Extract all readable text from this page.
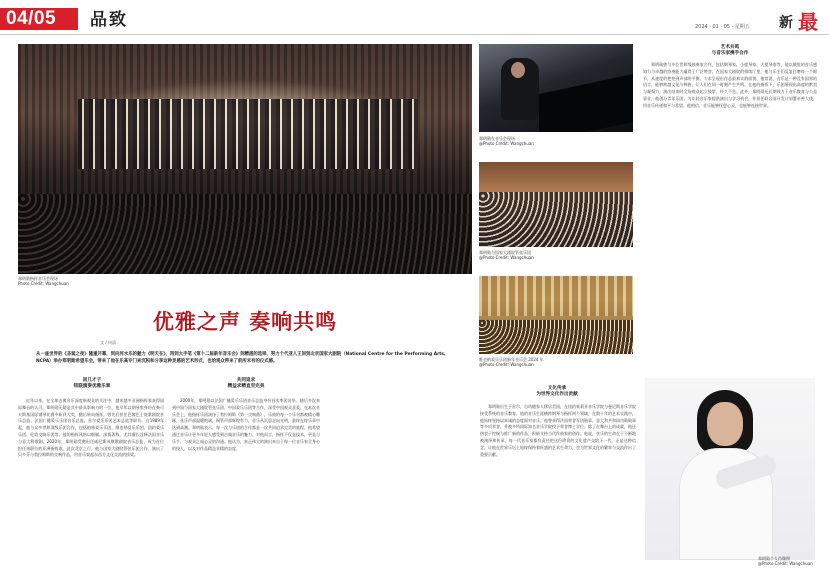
04/05 品致	2024 · 01 · 05 · 星期五 新 最
郑明勋指挥音乐会现场
Photo Credit: Wangchuan
郑明勋在音乐会现场
@Photo Credit: Wangchuan
郑明勋与国家大剧院管弦乐团
@Photo Credit: Wangchuan
维也纳爱乐乐团新年音乐会 2024 年
@Photo Credit: Wangchuan
郑明勋个人肖像照
@Photo Credit: Wangchuan
优雅之声 奏响共鸣
文 / 何清
从一座世界的《圣诞之夜》隆重开幕，到向河水乐的魅力《明天在》，再到大手笔《第十二届新年音乐会》到精湛的选择，努力个代亚人王回到北京国家大剧院（National Centre for the Performing Arts, NCPA）举办郑明勋希望乐会，带来了他在乐高专门来沉积和分享这种灵感的艺术形式，也给观众带来了前所未有的仪式感。
回几才子
钮联演奏优雅乐章
近年以来，在全球古典音乐深度新观众的关注中，越来越多亚洲指挥家获得国际舞台的认可。郑明勋无疑是其中最具影响力的一位，他早年以钢琴家身份在柴可夫斯基国际钢琴比赛中斩获大奖，随后转向指挥，曾先后担任巴黎巴士底歌剧院音乐总监、法国广播爱乐乐团音乐总监、首尔爱乐乐团艺术总监等职位。自1989年起，他与众多世界顶级乐团合作，包括柏林爱乐乐团、维也纳爱乐乐团、纽约爱乐乐团、伦敦交响乐团等。他的指挥风格以细腻、深情著称，尤其擅长诠释法国音乐与意大利歌剧。2020年，郑明勋受邀出任威尼斯凤凰歌剧院音乐总监，成为首位担任该职位的亚洲指挥家。此次北京之行，他与国家大剧院管弦乐团合作，演出了贝多芬与勃拉姆斯的交响作品，用音乐架起东西方文化交流的桥梁。
共同追求
精益求精直至完美
2000年，郑明勋以法国广播爱乐乐团音乐总监身份首次率团访华，随后多次来到中国与国家大剧院管弦乐团、中国爱乐乐团等合作，深受中国观众喜爱。在本次音乐会上，他指挥乐团演绎了勃拉姆斯《第一交响曲》，乐曲的每一个乐句都被精心雕琢，弦乐声部温暖饱满，铜管声部辉煌有力，音乐从沉思走向光明，最终在终乐章中达到高潮。郑明勋表示，每一次与乐团的合作都是一次共同追求完美的旅程，他希望通过音乐让更多年轻人感受到古典音乐的魅力。对他而言，指挥不仅是技术，更是与乐手、与观众之间心灵的沟通。他认为，真正伟大的演出来自于每一位音乐家全身心的投入，以及对作品精益求精的态度。
艺术共鸣
与音乐家携手合作
郑明勋曾与多位世界级独奏家合作，包括钢琴家、小提琴家、大提琴家等，他以敏锐的音乐感知力与卓越的协奏能力赢得了广泛赞誉。在国家大剧院的排练厅里，他与乐手们反复打磨每一个细节，从速度的把控到声部的平衡，力求呈现出作品最真实的面貌。他常说，音乐是一种没有国界的语言，能够跨越文化与种族，让人们在同一时刻产生共鸣。在他的指挥下，乐团展现出高度的默契与凝聚力，演出结束时全场观众起立鼓掌，经久不息。此外，郑明勋还长期致力于音乐教育与公益事业，他创办青年乐团，为年轻音乐家提供演出与学习机会，并担任联合国开发计划署亲善大使，用音乐传递和平与希望。他相信，音乐能够抚慰心灵，也能够连接世界。
文化传承
为世界文化作出贡献
郑明勋出生于首尔，自幼随家人移居美国，在纽约茱莉亚音乐学院与曼尼斯音乐学院接受系统的音乐教育。他的音乐生涯横跨钢琴与指挥两个领域，在数十年的艺术实践中，他始终坚持以真诚的态度面对音乐。他曾获得法国荣誉军团勋章、意大利共和国功勋勋章等多项荣誉，并被多所国际知名音乐学院授予荣誉博士学位。除了在舞台上的成就，他还热衷于挖掘与推广新的作品，积极支持当代作曲家的创作。他说，音乐的生命在于不断地被演绎和传承，每一代音乐家都有责任把这份珍贵的文化遗产交给下一代。正是这种信念，让他在世界乐坛上始终保持着旺盛的艺术生命力，也为世界文化的繁荣与交流作出了重要贡献。
